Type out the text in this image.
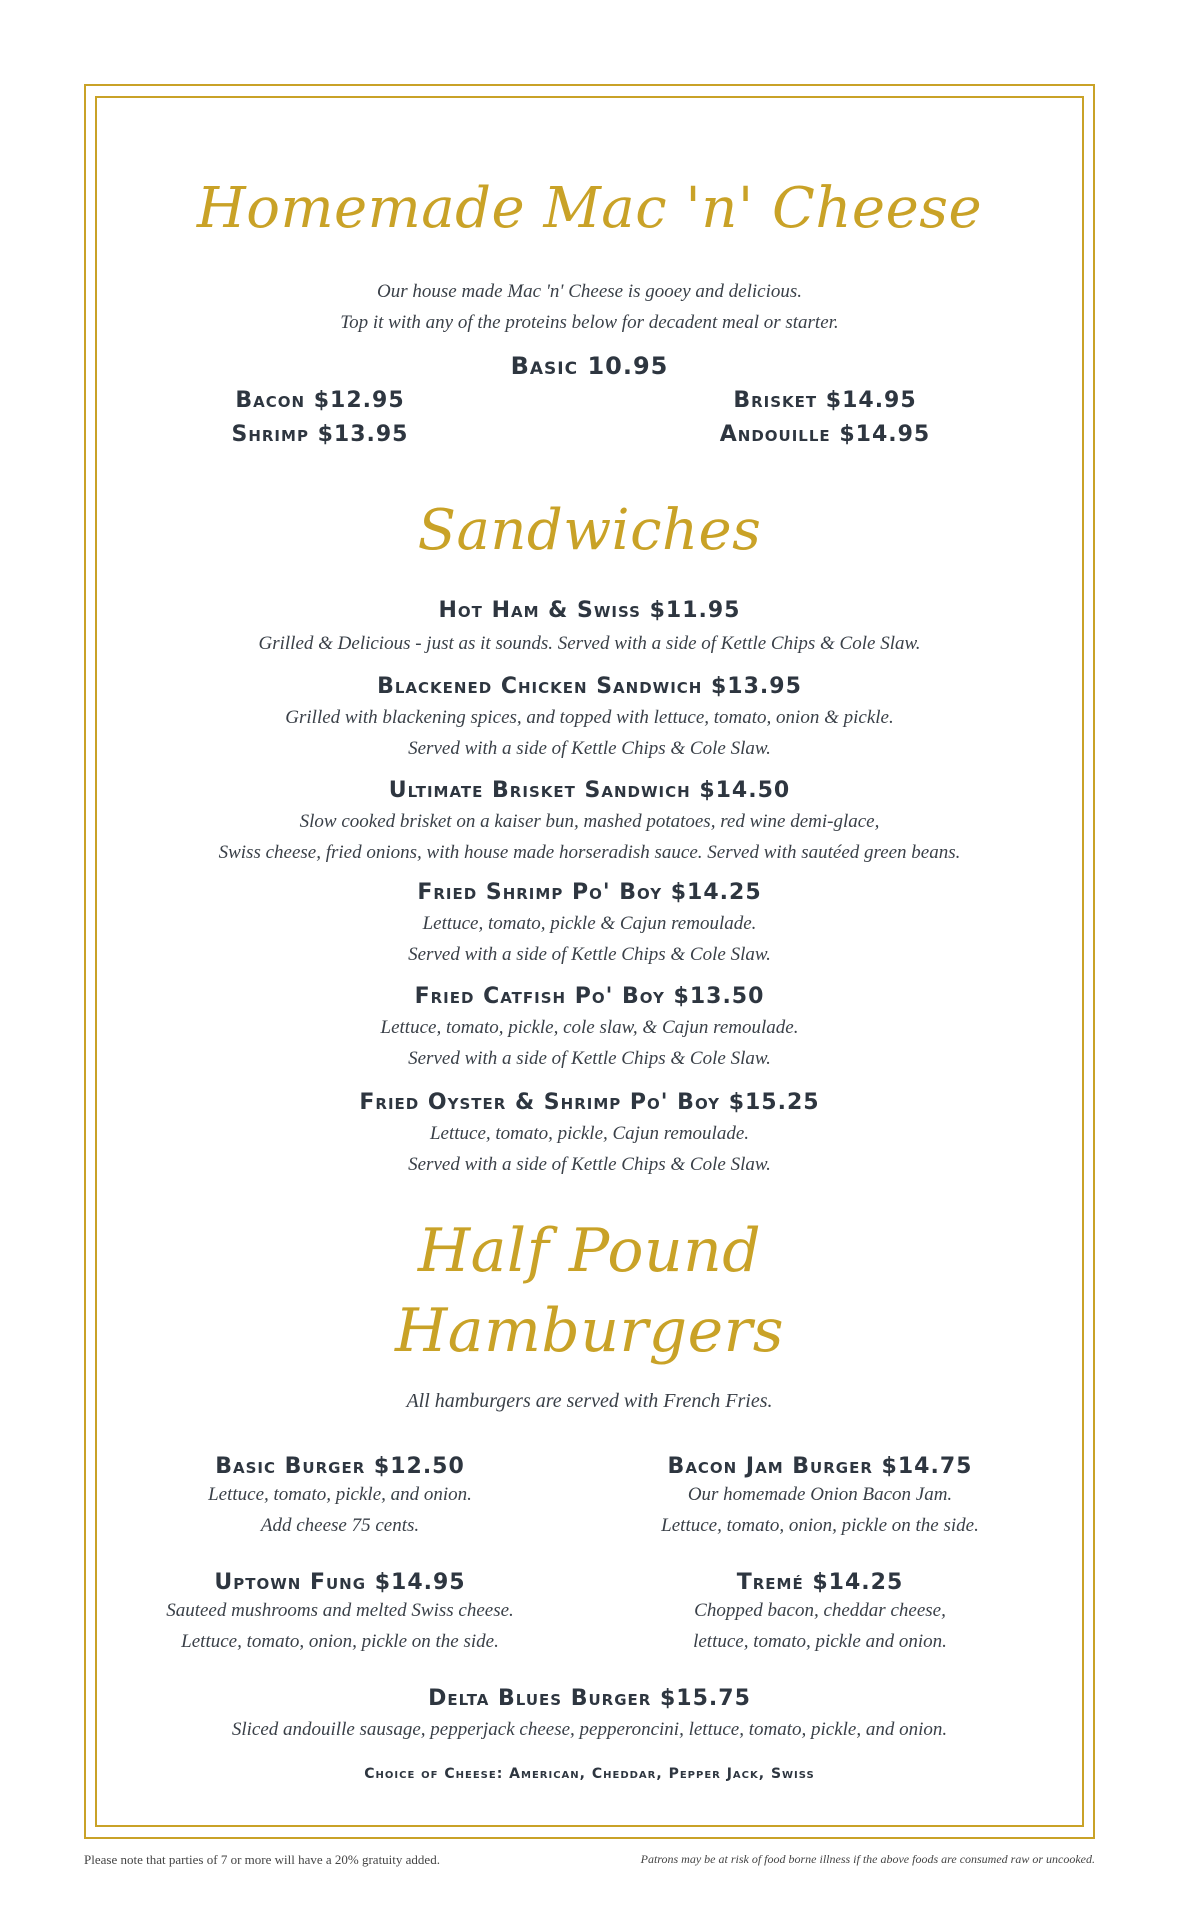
Homemade Mac 'n' Cheese
Our house made Mac 'n' Cheese is gooey and delicious.
Top it with any of the proteins below for decadent meal or starter.
Basic 10.95
Bacon $12.95
Shrimp $13.95
Brisket $14.95
Andouille $14.95
Sandwiches
Hot Ham & Swiss $11.95
Grilled & Delicious - just as it sounds. Served with a side of Kettle Chips & Cole Slaw.
Blackened Chicken Sandwich $13.95
Grilled with blackening spices, and topped with lettuce, tomato, onion & pickle.
Served with a side of Kettle Chips & Cole Slaw.
Ultimate Brisket Sandwich $14.50
Slow cooked brisket on a kaiser bun, mashed potatoes, red wine demi-glace,
Swiss cheese, fried onions, with house made horseradish sauce. Served with sautéed green beans.
Fried Shrimp Po' Boy $14.25
Lettuce, tomato, pickle & Cajun remoulade.
Served with a side of Kettle Chips & Cole Slaw.
Fried Catfish Po' Boy $13.50
Lettuce, tomato, pickle, cole slaw, & Cajun remoulade.
Served with a side of Kettle Chips & Cole Slaw.
Fried Oyster & Shrimp Po' Boy $15.25
Lettuce, tomato, pickle, Cajun remoulade.
Served with a side of Kettle Chips & Cole Slaw.
Half Pound
Hamburgers
All hamburgers are served with French Fries.
Basic Burger $12.50
Lettuce, tomato, pickle, and onion.
Add cheese 75 cents.
Bacon Jam Burger $14.75
Our homemade Onion Bacon Jam.
Lettuce, tomato, onion, pickle on the side.
Uptown Fung $14.95
Sauteed mushrooms and melted Swiss cheese.
Lettuce, tomato, onion, pickle on the side.
Tremé $14.25
Chopped bacon, cheddar cheese,
lettuce, tomato, pickle and onion.
Delta Blues Burger $15.75
Sliced andouille sausage, pepperjack cheese, pepperoncini, lettuce, tomato, pickle, and onion.
Choice of Cheese: American, Cheddar, Pepper Jack, Swiss
Please note that parties of 7 or more will have a 20% gratuity added.	Patrons may be at risk of food borne illness if the above foods are consumed raw or uncooked.
